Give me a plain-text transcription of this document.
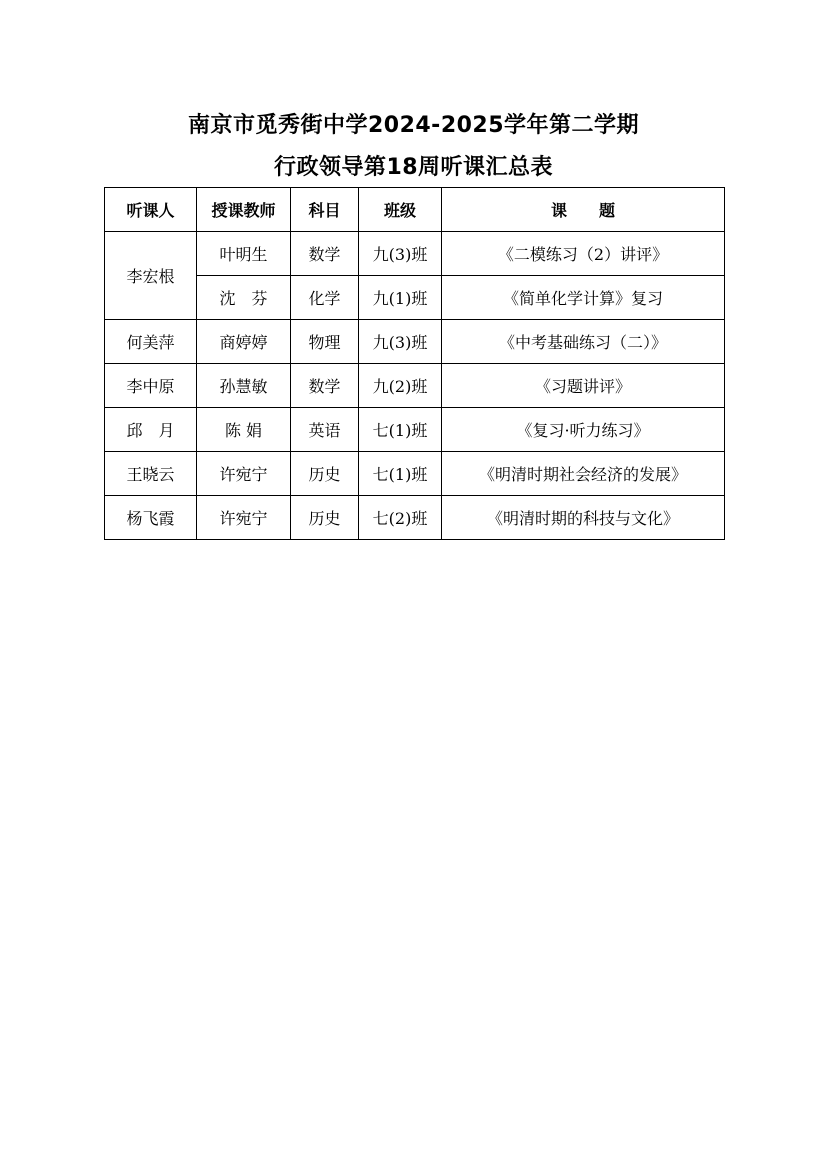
南京市觅秀街中学2024-2025学年第二学期
行政领导第18周听课汇总表
听课人	授课教师	科目	班级	课　　题
李宏根	叶明生	数学	九(3)班	《二模练习（2）讲评》
	沈　芬	化学	九(1)班	《简单化学计算》复习
何美萍	商婷婷	物理	九(3)班	《中考基础练习（二）》
李中原	孙慧敏	数学	九(2)班	《习题讲评》
邱　月	陈 娟	英语	七(1)班	《复习·听力练习》
王晓云	许宛宁	历史	七(1)班	《明清时期社会经济的发展》
杨飞霞	许宛宁	历史	七(2)班	《明清时期的科技与文化》
